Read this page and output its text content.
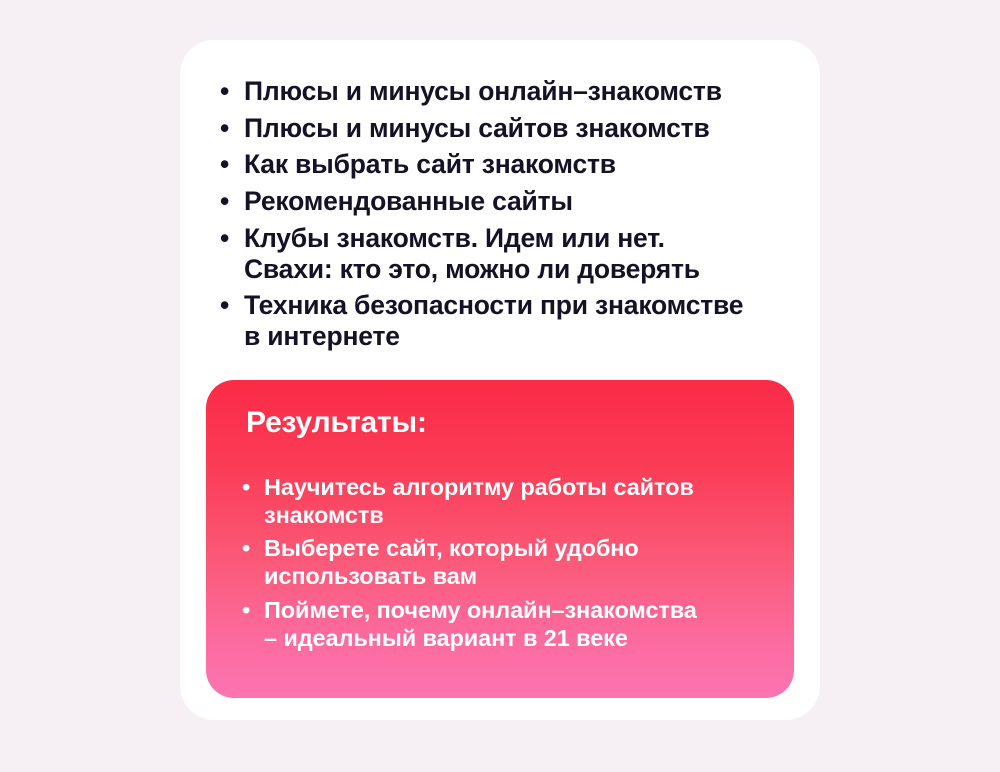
• Плюсы и минусы онлайн–знакомств
• Плюсы и минусы сайтов знакомств
• Как выбрать сайт знакомств
• Рекомендованные сайты
• Клубы знакомств. Идем или нет.
Свахи: кто это, можно ли доверять
• Техника безопасности при знакомстве
в интернете
Результаты:
• Научитесь алгоритму работы сайтов
знакомств
• Выберете сайт, который удобно
использовать вам
• Поймете, почему онлайн–знакомства
– идеальный вариант в 21 веке
